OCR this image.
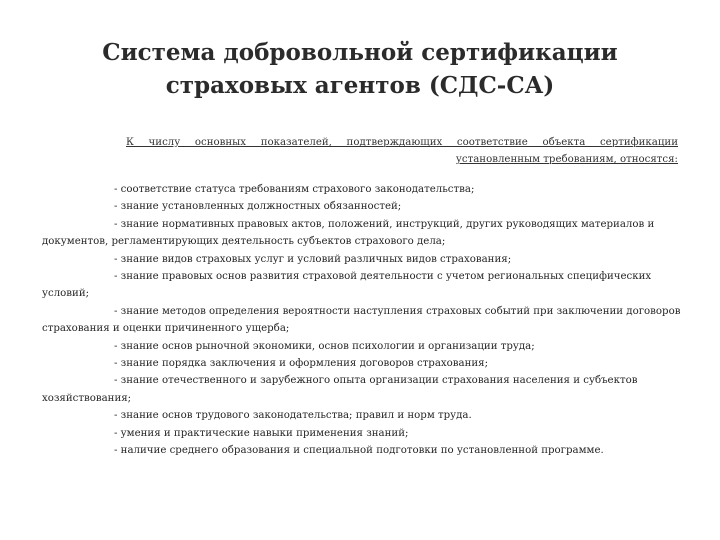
Система добровольной сертификации
страховых агентов (СДС-СА)
К числу основных показателей, подтверждающих соответствие объекта сертификации установленным требованиям, относятся:

- соответствие статуса требованиям страхового законодательства;

- знание установленных должностных обязанностей;

- знание нормативных правовых актов, положений, инструкций, других руководящих материалов и документов, регламентирующих деятельность субъектов страхового дела;

- знание видов страховых услуг и условий различных видов страхования;

- знание правовых основ развития страховой деятельности с учетом региональных специфических условий;

- знание методов определения вероятности наступления страховых событий при заключении договоров страхования и оценки причиненного ущерба;

- знание основ рыночной экономики, основ психологии и организации труда;

- знание порядка заключения и оформления договоров страхования;

- знание отечественного и зарубежного опыта организации страхования населения и субъектов хозяйствования;

- знание основ трудового законодательства; правил и норм труда.

- умения и практические навыки применения знаний;

- наличие среднего образования и специальной подготовки по установленной программе.
